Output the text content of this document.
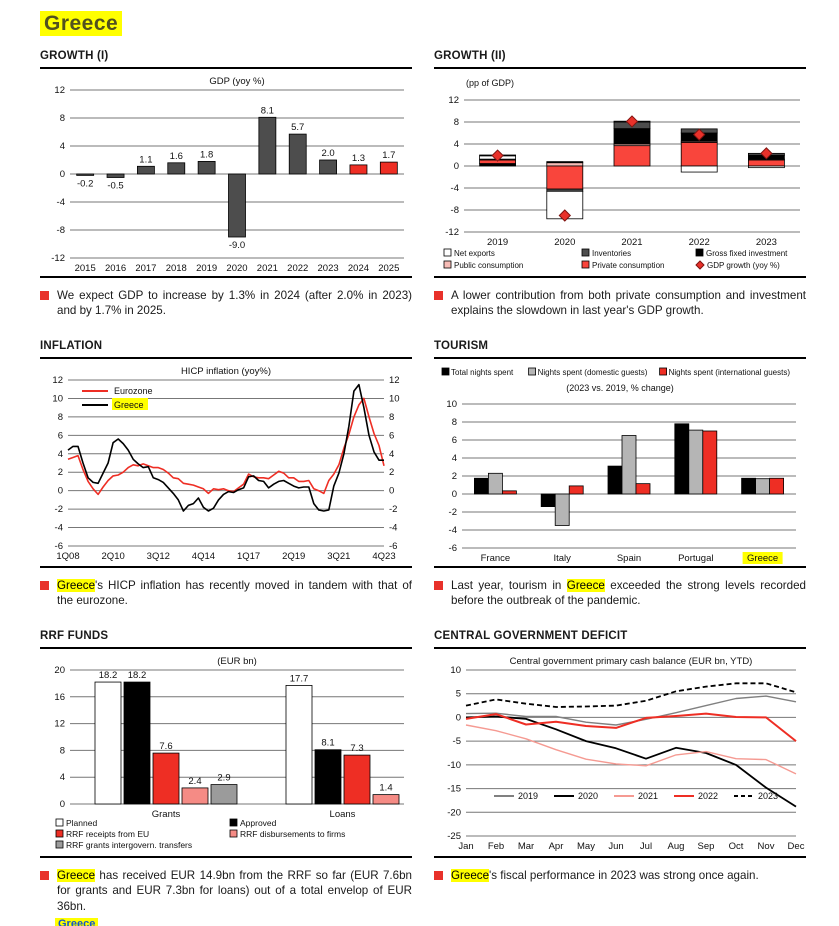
Greece
GROWTH (I)
GDP (yoy %)
-12
-8
-4
0
4
8
12
-0.2
2015
-0.5
2016
1.1
2017
1.6
2018
1.8
2019
-9.0
2020
8.1
2021
5.7
2022
2.0
2023
1.3
2024
1.7
2025

We expect GDP to increase by 1.3% in 2024 (after 2.0% in 2023) and by 1.7% in 2025.

GROWTH (II)
(pp of GDP)
-12
-8
-4
0
4
8
12
2019	2020	2021	2022	2023
Net exports	Inventories	Gross fixed investment
Public consumption	Private consumption	GDP growth (yoy %)

A lower contribution from both private consumption and investment explains the slowdown in last year's GDP growth.

INFLATION
HICP inflation (yoy%)
-6	-6
-4	-4
-2	-2
0	0
2	2
4	4
6	6
8	8
10	10
12	12
1Q08 2Q10 3Q12 4Q14 1Q17 2Q19 3Q21 4Q23
Eurozone
Greece

Greece's HICP inflation has recently moved in tandem with that of the eurozone.

TOURISM
Total nights spent	Nights spent (domestic guests)	Nights spent (international guests)
(2023 vs. 2019, % change)
-6
-4
-2
0
2
4
6
8
10
France	Italy	Spain	Portugal	Greece

Last year, tourism in Greece exceeded the strong levels recorded before the outbreak of the pandemic.

RRF FUNDS
(EUR bn)
0
4
8
12
16
20	18.2 18.2
7.6
2.4 2.9
Grants
17.7
8.1 7.3
1.4
Loans
Planned
RRF receipts from EU
RRF grants intergovern. transfers
Approved
RRF disbursements to firms

Greece has received EUR 14.9bn from the RRF so far (EUR 7.6bn for grants and EUR 7.3bn for loans) out of a total envelop of EUR 36bn.

CENTRAL GOVERNMENT DEFICIT
Central government primary cash balance (EUR bn, YTD)
-25
-20
-15
-10
-5
0
5
10
Jan Feb Mar Apr May Jun Jul Aug Sep Oct Nov Dec
2019	2020	2021	2022	2023

Greece's fiscal performance in 2023 was strong once again.

Greece
